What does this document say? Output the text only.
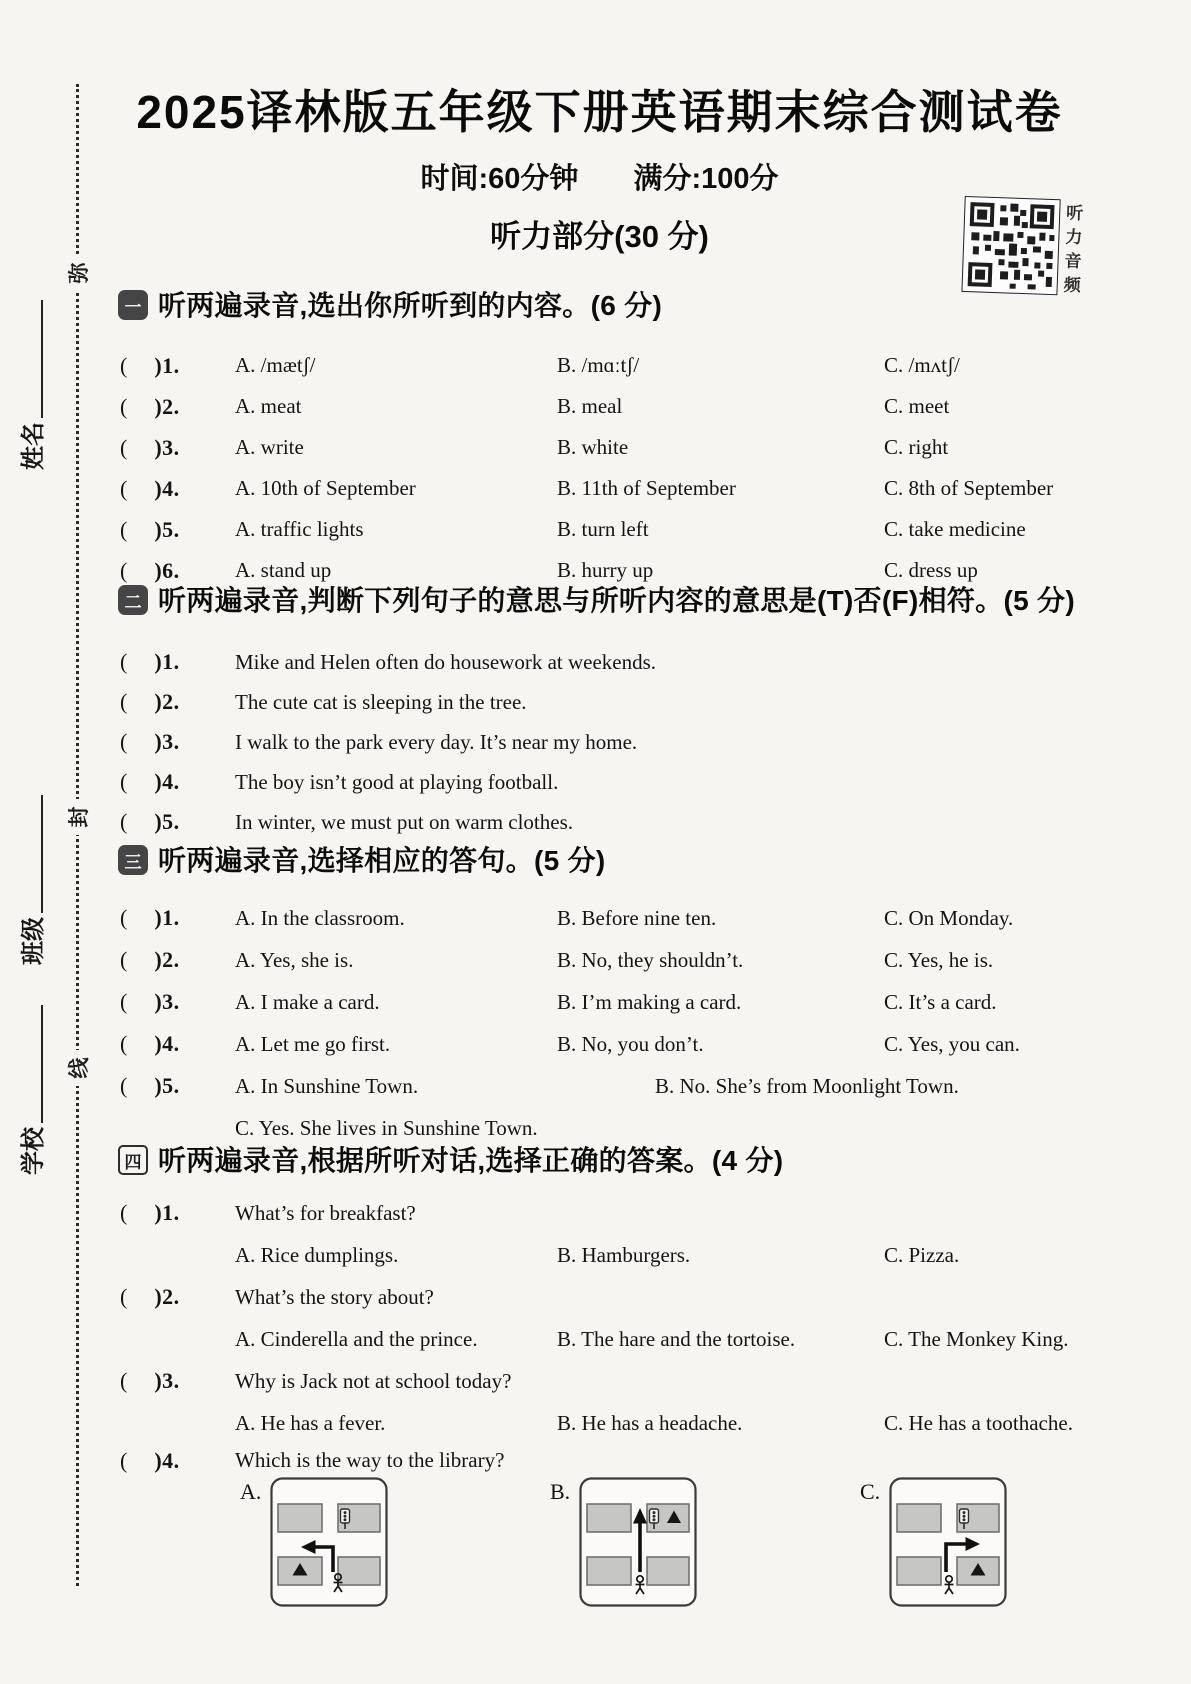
弥
封
线
姓名
班级
学校
2025译林版五年级下册英语期末综合测试卷
时间:60分钟 满分:100分
听力部分(30 分)
听
力
音
频
一 听两遍录音,选出你所听到的内容。(6 分)
( )1.	A. /mætʃ/	B. /mɑːtʃ/	C. /mʌtʃ/
( )2.	A. meat	B. meal	C. meet
( )3.	A. write	B. white	C. right
( )4.	A. 10th of September	B. 11th of September	C. 8th of September
( )5.	A. traffic lights	B. turn left	C. take medicine
( )6.	A. stand up	B. hurry up	C. dress up
二 听两遍录音,判断下列句子的意思与所听内容的意思是(T)否(F)相符。(5 分)
( )1.	Mike and Helen often do housework at weekends.
( )2.	The cute cat is sleeping in the tree.
( )3.	I walk to the park every day. It’s near my home.
( )4.	The boy isn’t good at playing football.
( )5.	In winter, we must put on warm clothes.
三 听两遍录音,选择相应的答句。(5 分)
( )1.	A. In the classroom.	B. Before nine ten.	C. On Monday.
( )2.	A. Yes, she is.	B. No, they shouldn’t.	C. Yes, he is.
( )3.	A. I make a card.	B. I’m making a card.	C. It’s a card.
( )4.	A. Let me go first.	B. No, you don’t.	C. Yes, you can.
( )5.	A. In Sunshine Town.	B. No. She’s from Moonlight Town.
C. Yes. She lives in Sunshine Town.
四 听两遍录音,根据所听对话,选择正确的答案。(4 分)
( )1.	What’s for breakfast?
A. Rice dumplings.	B. Hamburgers.	C. Pizza.
( )2.	What’s the story about?
A. Cinderella and the prince.	B. The hare and the tortoise.	C. The Monkey King.
( )3.	Why is Jack not at school today?
A. He has a fever.	B. He has a headache.	C. He has a toothache.
( )4.	Which is the way to the library?
A.	B.	C.
